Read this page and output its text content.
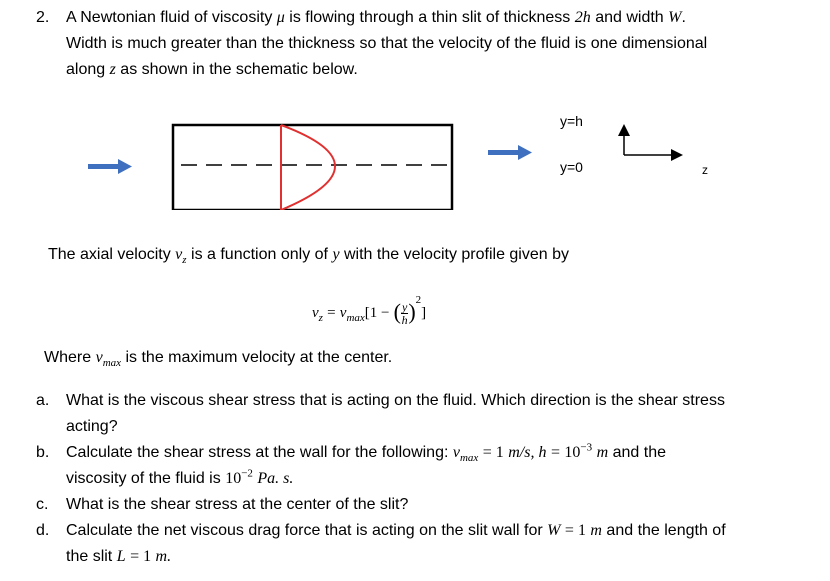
2. A Newtonian fluid of viscosity μ is flowing through a thin slit of thickness 2h and width W.
Width is much greater than the thickness so that the velocity of the fluid is one dimensional
along z as shown in the schematic below.
y=h
y=0	z
The axial velocity $v_z$ is a function only of y with the velocity profile given by
$v_z = v_{max}[1$ − ( $\frac{y}{h} )^2$]
Where $v_{max}$ is the maximum velocity at the center.
a. What is the viscous shear stress that is acting on the fluid. Which direction is the shear stress
acting?
b. Calculate the shear stress at the wall for the following: $v_{max} = 1$ m/s, $h = 10^{-3}$ m and the
viscosity of the fluid is $10^{-2}$ Pa. s.
c. What is the shear stress at the center of the slit?
d. Calculate the net viscous drag force that is acting on the slit wall for W = 1 m and the length of
the slit L = 1 m.
